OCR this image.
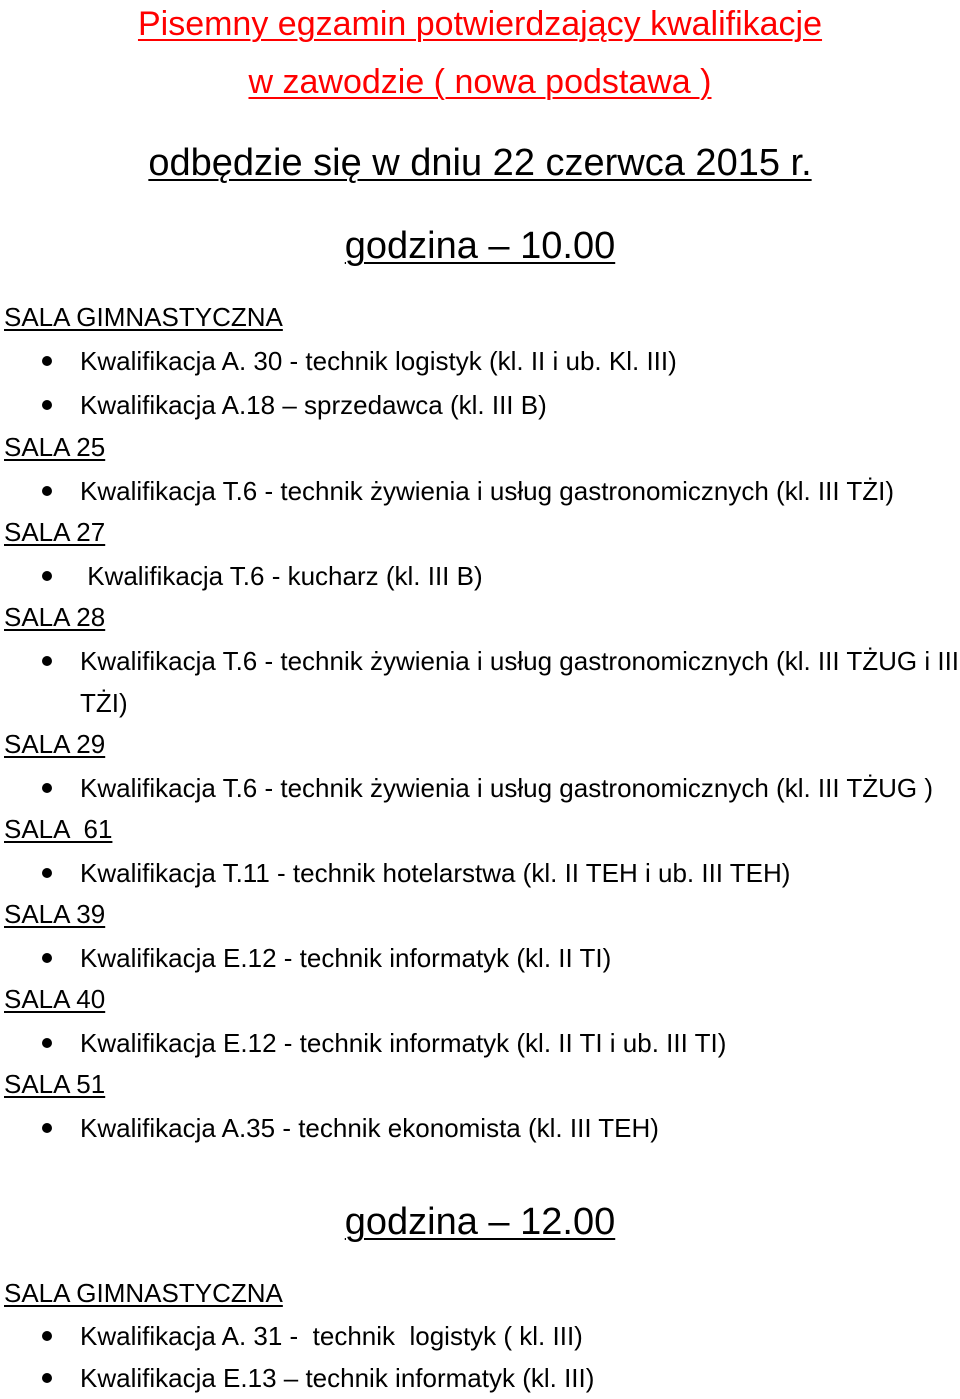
Pisemny egzamin potwierdzający kwalifikacje
w zawodzie ( nowa podstawa )
odbędzie się w dniu 22 czerwca 2015 r.
godzina – 10.00
SALA GIMNASTYCZNA
Kwalifikacja A. 30 - technik logistyk (kl. II i ub. Kl. III)
Kwalifikacja A.18 – sprzedawca (kl. III B)
SALA 25
Kwalifikacja T.6 - technik żywienia i usług gastronomicznych (kl. III TŻI)
SALA 27
Kwalifikacja T.6 - kucharz (kl. III B)
SALA 28
Kwalifikacja T.6 - technik żywienia i usług gastronomicznych (kl. III TŻUG i III TŻI)
SALA 29
Kwalifikacja T.6 - technik żywienia i usług gastronomicznych (kl. III TŻUG )
SALA  61
Kwalifikacja T.11 - technik hotelarstwa (kl. II TEH i ub. III TEH)
SALA 39
Kwalifikacja E.12 - technik informatyk (kl. II TI)
SALA 40
Kwalifikacja E.12 - technik informatyk (kl. II TI i ub. III TI)
SALA 51
Kwalifikacja A.35 - technik ekonomista (kl. III TEH)
godzina – 12.00
SALA GIMNASTYCZNA
Kwalifikacja A. 31 -  technik  logistyk ( kl. III)
Kwalifikacja E.13 – technik informatyk (kl. III)
